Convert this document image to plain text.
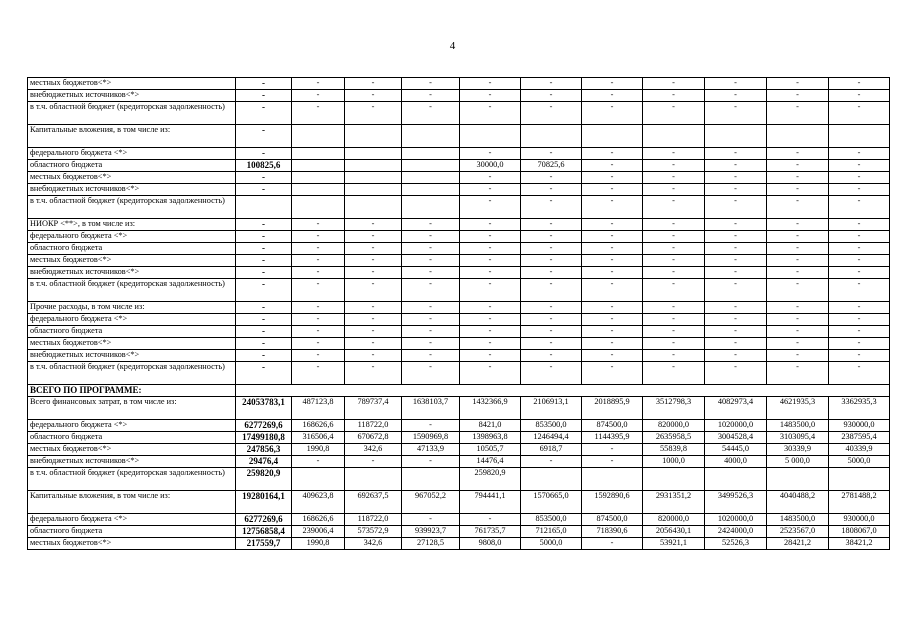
4
местных бюджетов<*>	-	-	-	-	-	-	-	-	-	-	-
внебюджетных источников<*>	-	-	-	-	-	-	-	-	-	-	-
в т.ч. областной бюджет (кредиторская задолженность)	-	-	-	-	-	-	-	-	-	-	-
Капитальные вложения, в том числе из:	-										
федерального бюджета <*>	-				-	-	-	-	-	-	-
областного бюджета	100825,6				30000,0	70825,6	-	-	-	-	-
местных бюджетов<*>	-				-	-	-	-	-	-	-
внебюджетных источников<*>	-				-	-	-	-	-	-	-
в т.ч. областной бюджет (кредиторская задолженность)					-	-	-	-	-	-	-
НИОКР <**>, в том числе из:	-	-	-	-	-	-	-	-	-	-	-
федерального бюджета <*>	-	-	-	-	-	-	-	-	-	-	-
областного бюджета	-	-	-	-	-	-	-	-	-	-	-
местных бюджетов<*>	-	-	-	-	-	-	-	-	-	-	-
внебюджетных источников<*>	-	-	-	-	-	-	-	-	-	-	-
в т.ч. областной бюджет (кредиторская задолженность)	-	-	-	-	-	-	-	-	-	-	-
Прочие расходы, в том числе из:	-	-	-	-	-	-	-	-	-	-	-
федерального бюджета <*>	-	-	-	-	-	-	-	-	-	-	-
областного бюджета	-	-	-	-	-	-	-	-	-	-	-
местных бюджетов<*>	-	-	-	-	-	-	-	-	-	-	-
внебюджетных источников<*>	-	-	-	-	-	-	-	-	-	-	-
в т.ч. областной бюджет (кредиторская задолженность)	-	-	-	-	-	-	-	-	-	-	-
ВСЕГО ПО ПРОГРАММЕ:											
Всего финансовых затрат, в том числе из:	24053783,1	487123,8	789737,4	1638103,7	1432366,9	2106913,1	2018895,9	3512798,3	4082973,4	4621935,3	3362935,3
федерального бюджета <*>	6277269,6	168626,6	118722,0	-	8421,0	853500,0	874500,0	820000,0	1020000,0	1483500,0	930000,0
областного бюджета	17499180,8	316506,4	670672,8	1590969,8	1398963,8	1246494,4	1144395,9	2635958,5	3004528,4	3103095,4	2387595,4
местных бюджетов<*>	247856,3	1990,8	342,6	47133,9	10505,7	6918,7	-	55839,8	54445,0	30339,9	40339,9
внебюджетных источников<*>	29476,4	-	-	-	14476,4	-	-	1000,0	4000,0	5 000,0	5000,0
в т.ч. областной бюджет (кредиторская задолженность)	259820,9				259820,9						
Капитальные вложения, в том числе из:	19280164,1	409623,8	692637,5	967052,2	794441,1	1570665,0	1592890,6	2931351,2	3499526,3	4040488,2	2781488,2
федерального бюджета <*>	6277269,6	168626,6	118722,0	-	-	853500,0	874500,0	820000,0	1020000,0	1483500,0	930000,0
областного бюджета	12756858,4	239006,4	573572,9	939923,7	761735,7	712165,0	718390,6	2056430,1	2424000,0	2523567,0	1808067,0
местных бюджетов<*>	217559,7	1990,8	342,6	27128,5	9808,0	5000,0	-	53921,1	52526,3	28421,2	38421,2
